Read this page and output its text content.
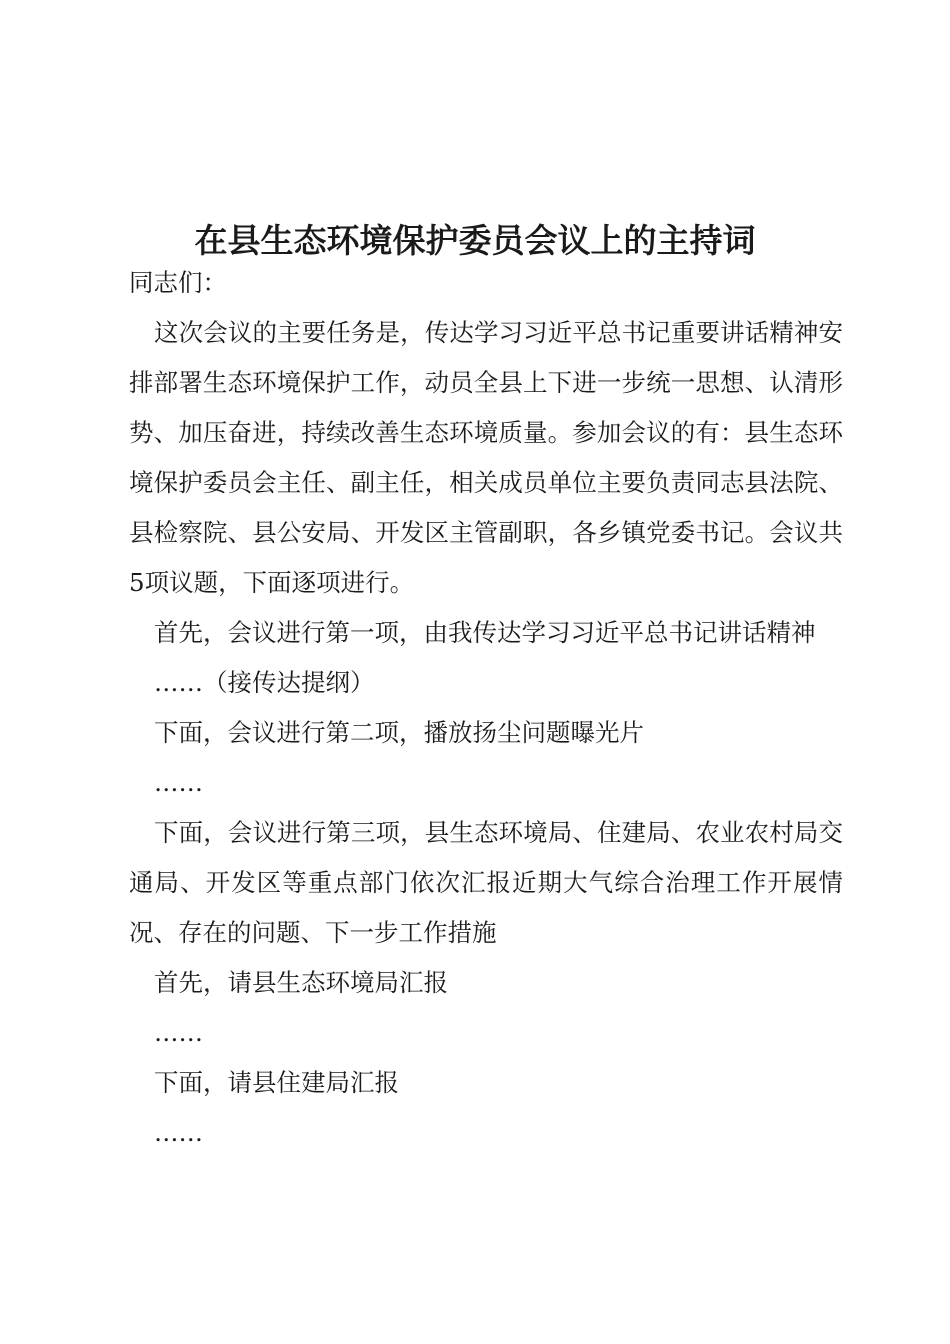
在县生态环境保护委员会议上的主持词

同志们：

这次会议的主要任务是，传达学习习近平总书记重要讲话精神安排部署生态环境保护工作，动员全县上下进一步统一思想、认清形势、加压奋进，持续改善生态环境质量。参加会议的有：县生态环境保护委员会主任、副主任，相关成员单位主要负责同志县法院、县检察院、县公安局、开发区主管副职，各乡镇党委书记。会议共5项议题，下面逐项进行。

首先，会议进行第一项，由我传达学习习近平总书记讲话精神

……（接传达提纲）

下面，会议进行第二项，播放扬尘问题曝光片

……

下面，会议进行第三项，县生态环境局、住建局、农业农村局交通局、开发区等重点部门依次汇报近期大气综合治理工作开展情况、存在的问题、下一步工作措施

首先，请县生态环境局汇报

……

下面，请县住建局汇报

……
